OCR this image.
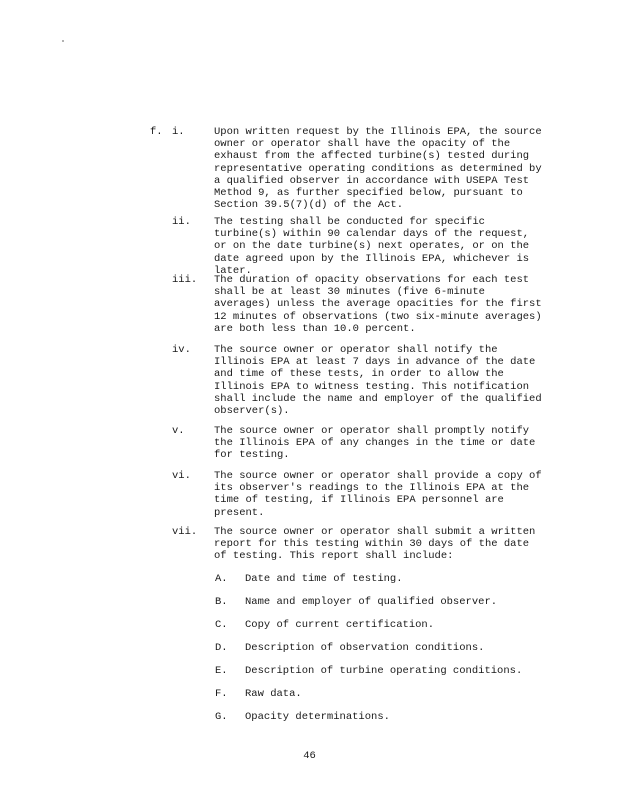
f. i.	Upon written request by the Illinois EPA, the source owner or operator shall have the opacity of the exhaust from the affected turbine(s) tested during representative operating conditions as determined by a qualified observer in accordance with USEPA Test Method 9, as further specified below, pursuant to Section 39.5(7)(d) of the Act.
ii.	The testing shall be conducted for specific turbine(s) within 90 calendar days of the request, or on the date turbine(s) next operates, or on the date agreed upon by the Illinois EPA, whichever is later.
iii.	The duration of opacity observations for each test shall be at least 30 minutes (five 6-minute averages) unless the average opacities for the first 12 minutes of observations (two six-minute averages) are both less than 10.0 percent.
iv.	The source owner or operator shall notify the Illinois EPA at least 7 days in advance of the date and time of these tests, in order to allow the Illinois EPA to witness testing. This notification shall include the name and employer of the qualified observer(s).
v.	The source owner or operator shall promptly notify the Illinois EPA of any changes in the time or date for testing.
vi.	The source owner or operator shall provide a copy of its observer's readings to the Illinois EPA at the time of testing, if Illinois EPA personnel are present.
vii.	The source owner or operator shall submit a written report for this testing within 30 days of the date of testing. This report shall include:
A. Date and time of testing.
B. Name and employer of qualified observer.
C. Copy of current certification.
D. Description of observation conditions.
E. Description of turbine operating conditions.
F. Raw data.
G. Opacity determinations.
46
